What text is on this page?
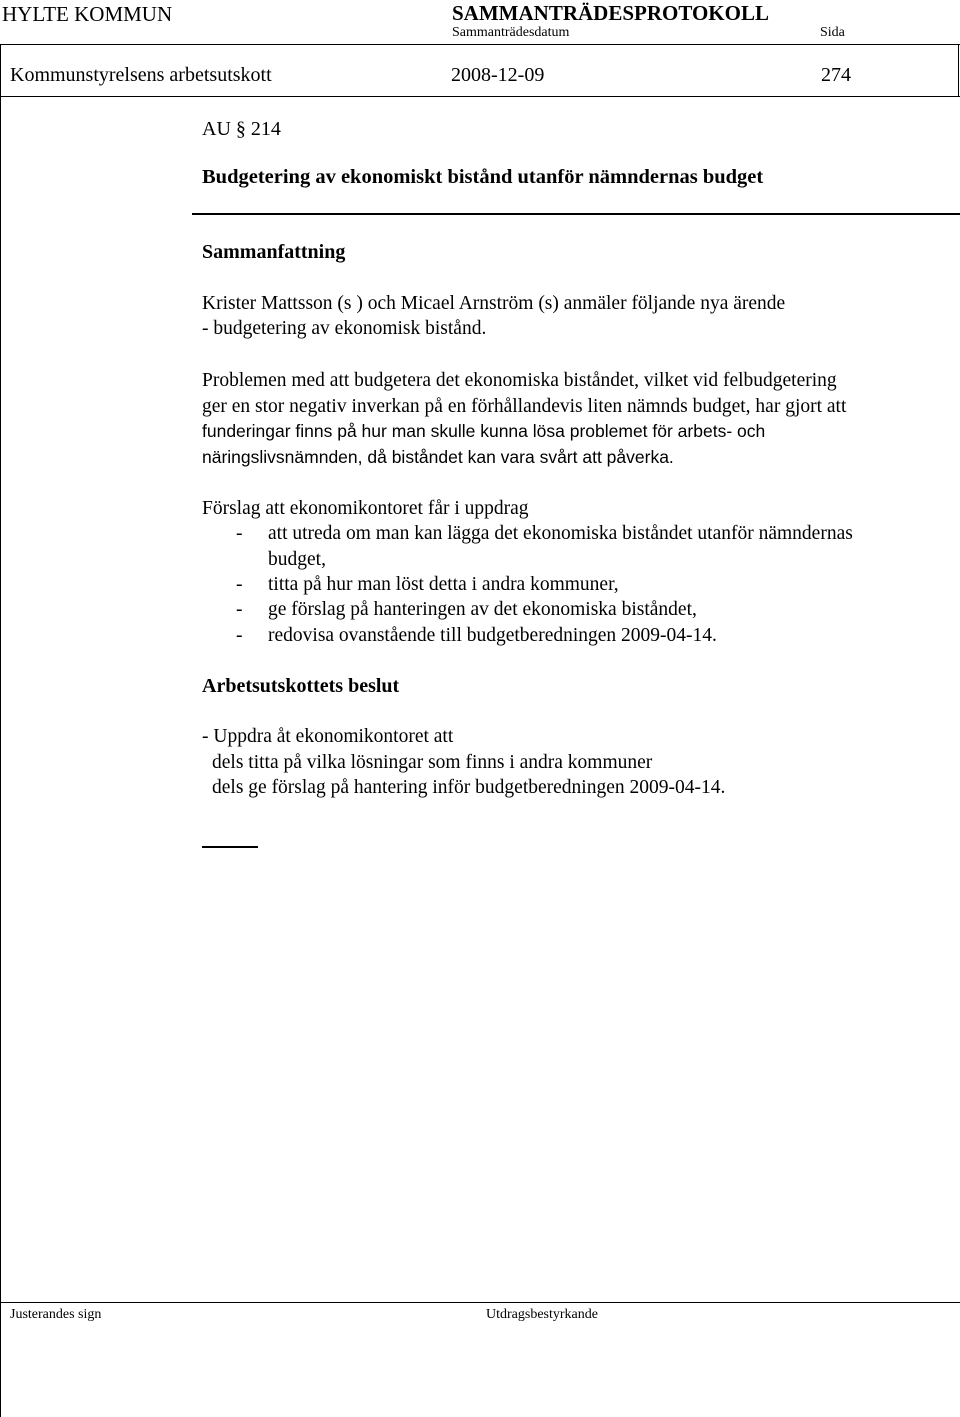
HYLTE KOMMUN	SAMMANTRÄDESPROTOKOLL
Sammanträdesdatum	Sida
Kommunstyrelsens arbetsutskott	2008-12-09	274
AU § 214
Budgetering av ekonomiskt bistånd utanför nämndernas budget
Sammanfattning
Krister Mattsson (s ) och Micael Arnström (s) anmäler följande nya ärende
- budgetering av ekonomisk bistånd.
Problemen med att budgetera det ekonomiska biståndet, vilket vid felbudgetering
ger en stor negativ inverkan på en förhållandevis liten nämnds budget, har gjort att
funderingar finns på hur man skulle kunna lösa problemet för arbets- och
näringslivsnämnden, då biståndet kan vara svårt att påverka.
Förslag att ekonomikontoret får i uppdrag
- att utreda om man kan lägga det ekonomiska biståndet utanför nämndernas
budget,
- titta på hur man löst detta i andra kommuner,
- ge förslag på hanteringen av det ekonomiska biståndet,
- redovisa ovanstående till budgetberedningen 2009-04-14.
Arbetsutskottets beslut
- Uppdra åt ekonomikontoret att
dels titta på vilka lösningar som finns i andra kommuner
dels ge förslag på hantering inför budgetberedningen 2009-04-14.
Justerandes sign	Utdragsbestyrkande
